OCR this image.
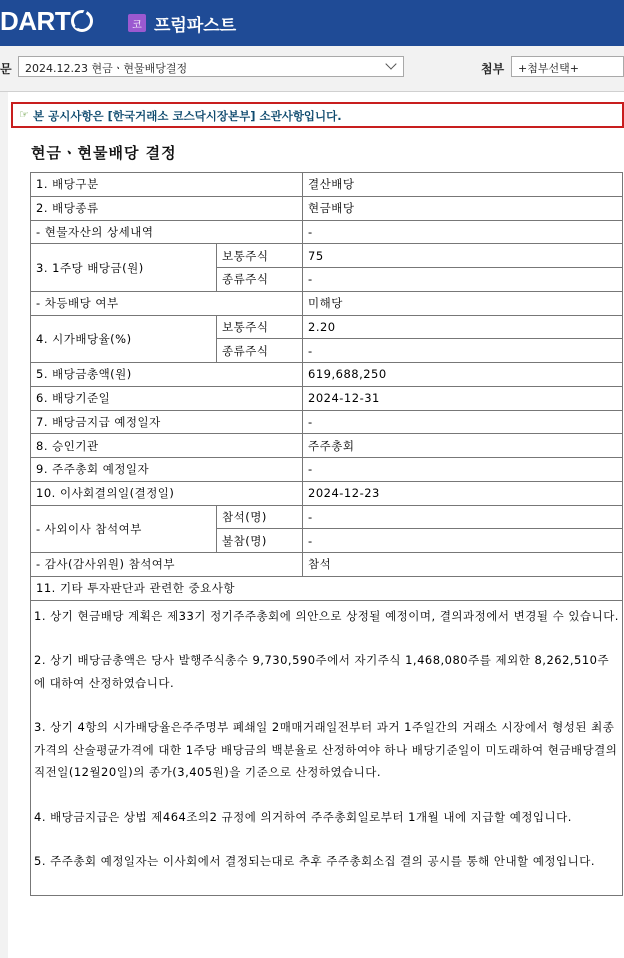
DART	코 프럼파스트
문	2024.12.23 현금ㆍ현물배당결정	첨부	+첨부선택+
☞ 본 공시사항은 [한국거래소 코스닥시장본부] 소관사항입니다.
현금ㆍ현물배당 결정
1. 배당구분		결산배당
2. 배당종류		현금배당
- 현물자산의 상세내역		-
3. 1주당 배당금(원)	보통주식	75
	종류주식	-
- 차등배당 여부		미해당
4. 시가배당율(%)	보통주식	2.20
	종류주식	-
5. 배당금총액(원)		619,688,250
6. 배당기준일		2024-12-31
7. 배당금지급 예정일자		-
8. 승인기관		주주총회
9. 주주총회 예정일자		-
10. 이사회결의일(결정일)		2024-12-23
- 사외이사 참석여부	참석(명)	-
	불참(명)	-
- 감사(감사위원) 참석여부		참석
11. 기타 투자판단과 관련한 중요사항		

1. 상기 현금배당 계획은 제33기 정기주주총회에 의안으로 상정될 예정이며, 결의과정에서 변경될 수 있습니다.
2. 상기 배당금총액은 당사 발행주식총수 9,730,590주에서 자기주식 1,468,080주를 제외한 8,262,510주에 대하여 산정하였습니다.
3. 상기 4항의 시가배당율은주주명부 폐쇄일 2매매거래일전부터 과거 1주일간의 거래소 시장에서 형성된 최종가격의 산술평균가격에 대한 1주당 배당금의 백분율로 산정하여야 하나 배당기준일이 미도래하여 현금배당결의 직전일(12월20일)의 종가(3,405원)을 기준으로 산정하였습니다.
4. 배당금지급은 상법 제464조의2 규정에 의거하여 주주총회일로부터 1개월 내에 지급할 예정입니다.
5. 주주총회 예정일자는 이사회에서 결정되는대로 추후 주주총회소집 결의 공시를 통해 안내할 예정입니다.		
